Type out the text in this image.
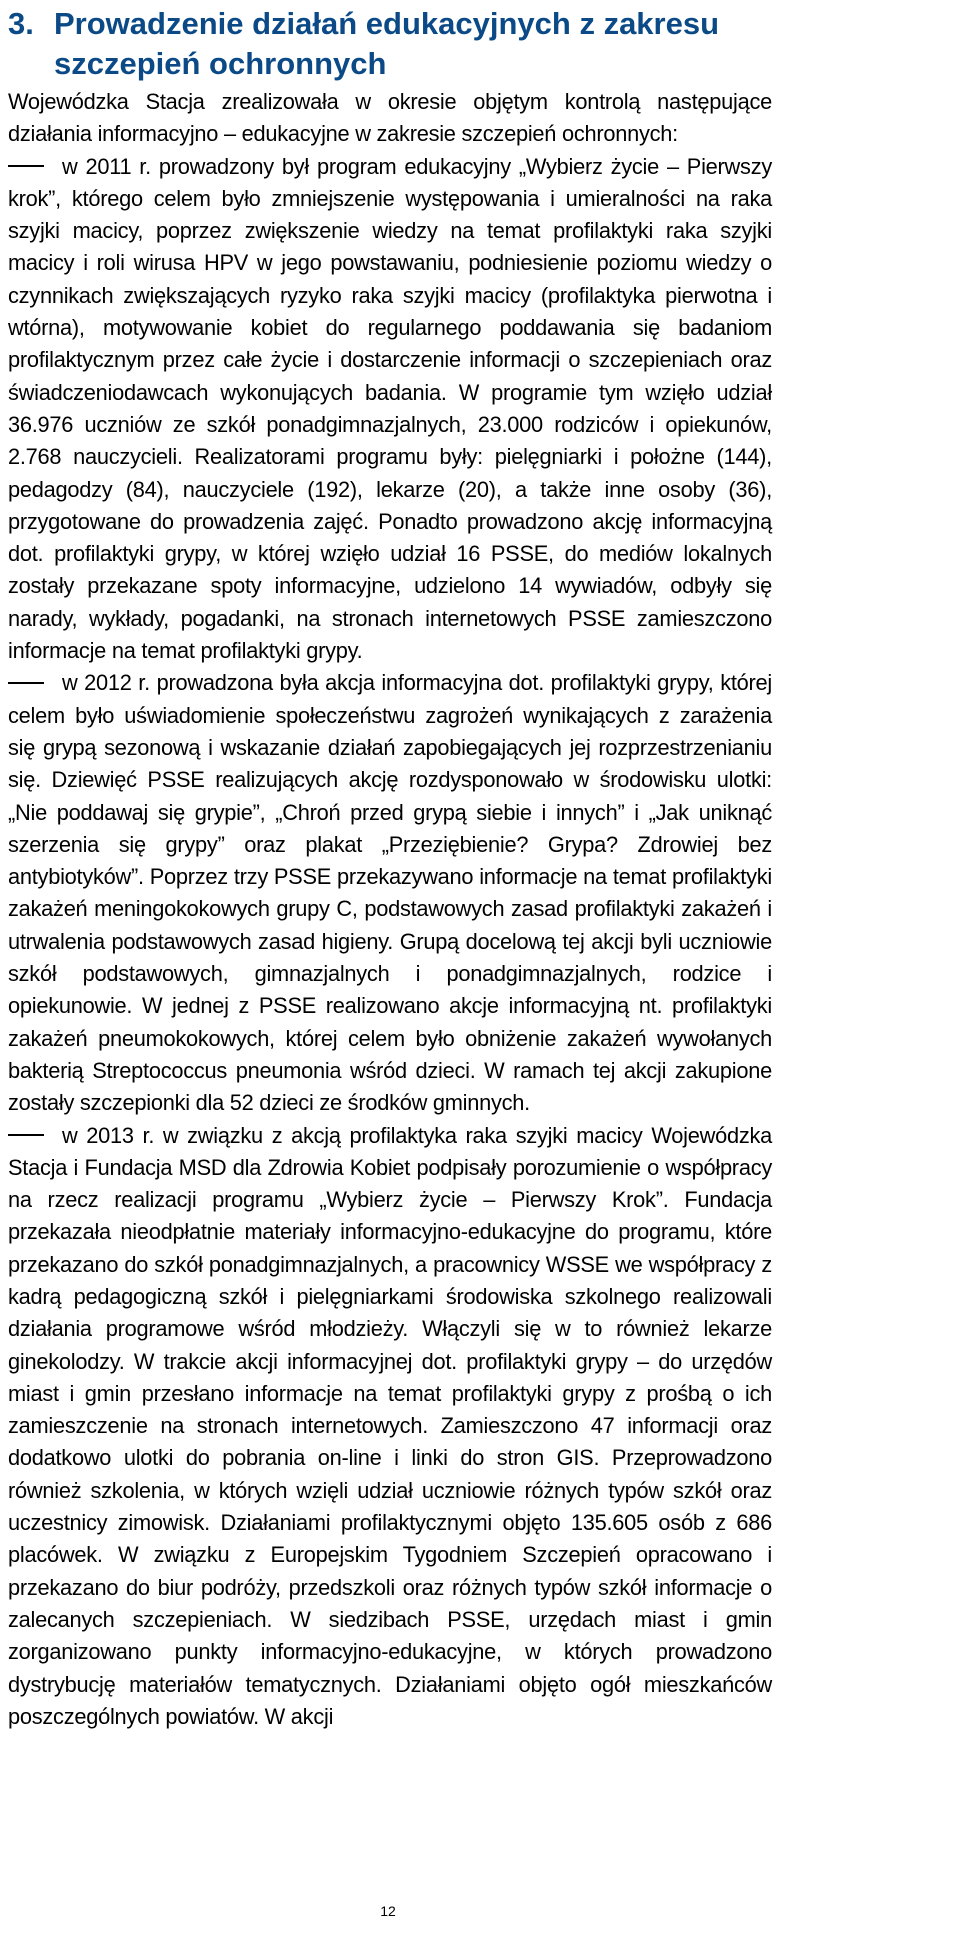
3. Prowadzenie działań edukacyjnych z zakresu szczepień ochronnych

Wojewódzka Stacja zrealizowała w okresie objętym kontrolą następujące działania informacyjno – edukacyjne w zakresie szczepień ochronnych:

w 2011 r. prowadzony był program edukacyjny „Wybierz życie – Pierwszy krok”, którego celem było zmniejszenie występowania i umieralności na raka szyjki macicy, poprzez zwiększenie wiedzy na temat profilaktyki raka szyjki macicy i roli wirusa HPV w jego powstawaniu, podniesienie poziomu wiedzy o czynnikach zwiększających ryzyko raka szyjki macicy (profilaktyka pierwotna i wtórna), motywowanie kobiet do regularnego poddawania się badaniom profilaktycznym przez całe życie i dostarczenie informacji o szczepieniach oraz świadczeniodawcach wykonujących badania. W programie tym wzięło udział 36.976 uczniów ze szkół ponadgimnazjalnych, 23.000 rodziców i opiekunów, 2.768 nauczycieli. Realizatorami programu były: pielęgniarki i położne (144), pedagodzy (84), nauczyciele (192), lekarze (20), a także inne osoby (36), przygotowane do prowadzenia zajęć. Ponadto prowadzono akcję informacyjną dot. profilaktyki grypy, w której wzięło udział 16 PSSE, do mediów lokalnych zostały przekazane spoty informacyjne, udzielono 14 wywiadów, odbyły się narady, wykłady, pogadanki, na stronach internetowych PSSE zamieszczono informacje na temat profilaktyki grypy.

w 2012 r. prowadzona była akcja informacyjna dot. profilaktyki grypy, której celem było uświadomienie społeczeństwu zagrożeń wynikających z zarażenia się grypą sezonową i wskazanie działań zapobiegających jej rozprzestrzenianiu się. Dziewięć PSSE realizujących akcję rozdysponowało w środowisku ulotki: „Nie poddawaj się grypie”, „Chroń przed grypą siebie i innych” i „Jak uniknąć szerzenia się grypy” oraz plakat „Przeziębienie? Grypa? Zdrowiej bez antybiotyków”. Poprzez trzy PSSE przekazywano informacje na temat profilaktyki zakażeń meningokokowych grupy C, podstawowych zasad profilaktyki zakażeń i utrwalenia podstawowych zasad higieny. Grupą docelową tej akcji byli uczniowie szkół podstawowych, gimnazjalnych i ponadgimnazjalnych, rodzice i opiekunowie. W jednej z PSSE realizowano akcje informacyjną nt. profilaktyki zakażeń pneumokokowych, której celem było obniżenie zakażeń wywołanych bakterią Streptococcus pneumonia wśród dzieci. W ramach tej akcji zakupione zostały szczepionki dla 52 dzieci ze środków gminnych.

w 2013 r. w związku z akcją profilaktyka raka szyjki macicy Wojewódzka Stacja i Fundacja MSD dla Zdrowia Kobiet podpisały porozumienie o współpracy na rzecz realizacji programu „Wybierz życie – Pierwszy Krok”. Fundacja przekazała nieodpłatnie materiały informacyjno-edukacyjne do programu, które przekazano do szkół ponadgimnazjalnych, a pracownicy WSSE we współpracy z kadrą pedagogiczną szkół i pielęgniarkami środowiska szkolnego realizowali działania programowe wśród młodzieży. Włączyli się w to również lekarze ginekolodzy. W trakcie akcji informacyjnej dot. profilaktyki grypy – do urzędów miast i gmin przesłano informacje na temat profilaktyki grypy z prośbą o ich zamieszczenie na stronach internetowych. Zamieszczono 47 informacji oraz dodatkowo ulotki do pobrania on-line i linki do stron GIS. Przeprowadzono również szkolenia, w których wzięli udział uczniowie różnych typów szkół oraz uczestnicy zimowisk. Działaniami profilaktycznymi objęto 135.605 osób z 686 placówek. W związku z Europejskim Tygodniem Szczepień opracowano i przekazano do biur podróży, przedszkoli oraz różnych typów szkół informacje o zalecanych szczepieniach. W siedzibach PSSE, urzędach miast i gmin zorganizowano punkty informacyjno-edukacyjne, w których prowadzono dystrybucję materiałów tematycznych. Działaniami objęto ogół mieszkańców poszczególnych powiatów. W akcji

12
